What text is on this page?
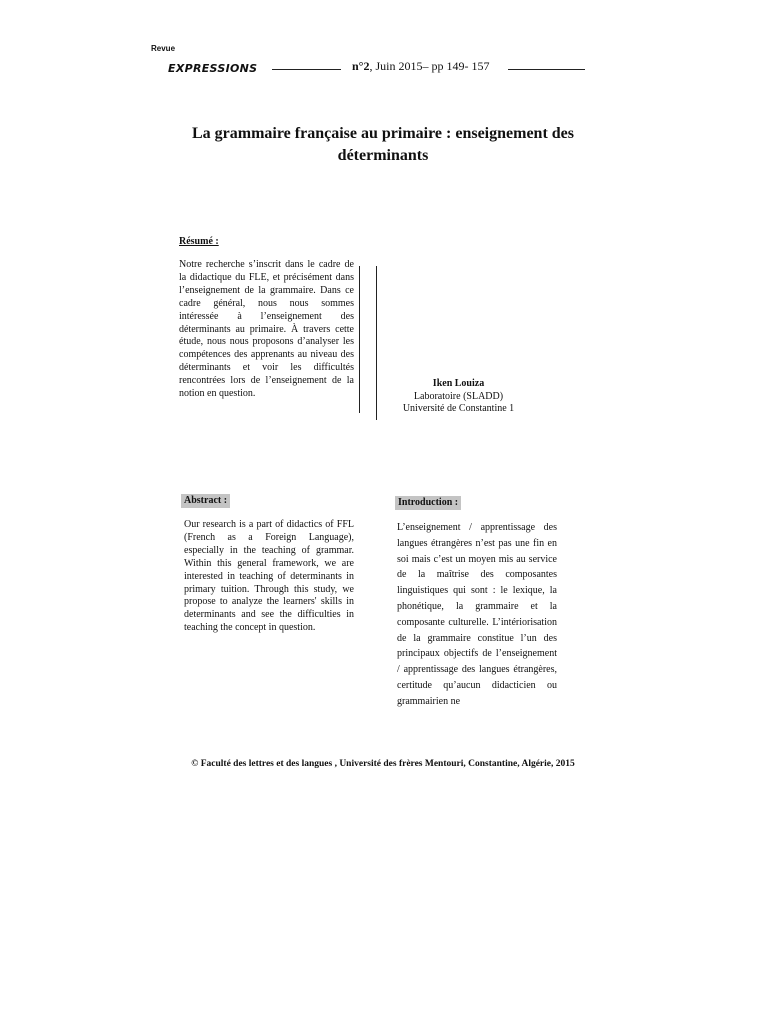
Revue
EXPRESSIONS	n°2, Juin 2015– pp 149- 157
La grammaire française au primaire : enseignement des
déterminants
Résumé :
Notre recherche s’inscrit dans le cadre de la didactique du FLE, et précisément dans l’enseignement de la grammaire. Dans ce cadre général, nous nous sommes intéressée à l’enseignement des déterminants au primaire. À travers cette étude, nous nous proposons d’analyser les compétences des apprenants au niveau des déterminants et voir les difficultés rencontrées lors de l’enseignement de la notion en question.
Iken Louiza
Laboratoire (SLADD)
Université de Constantine 1
Abstract :
Our research is a part of didactics of FFL (French as a Foreign Language), especially in the teaching of grammar. Within this general framework, we are interested in teaching of determinants in primary tuition. Through this study, we propose to analyze the learners' skills in determinants and see the difficulties in teaching the concept in question.
Introduction :
L’enseignement / apprentissage des langues étrangères n’est pas une fin en soi mais c’est un moyen mis au service de la maîtrise des composantes linguistiques qui sont : le lexique, la phonétique, la grammaire et la composante culturelle. L’intériorisation de la grammaire constitue l’un des principaux objectifs de l’enseignement / apprentissage des langues étrangères, certitude qu’aucun didacticien ou grammairien ne
© Faculté des lettres et des langues , Université des frères Mentouri, Constantine, Algérie, 2015
